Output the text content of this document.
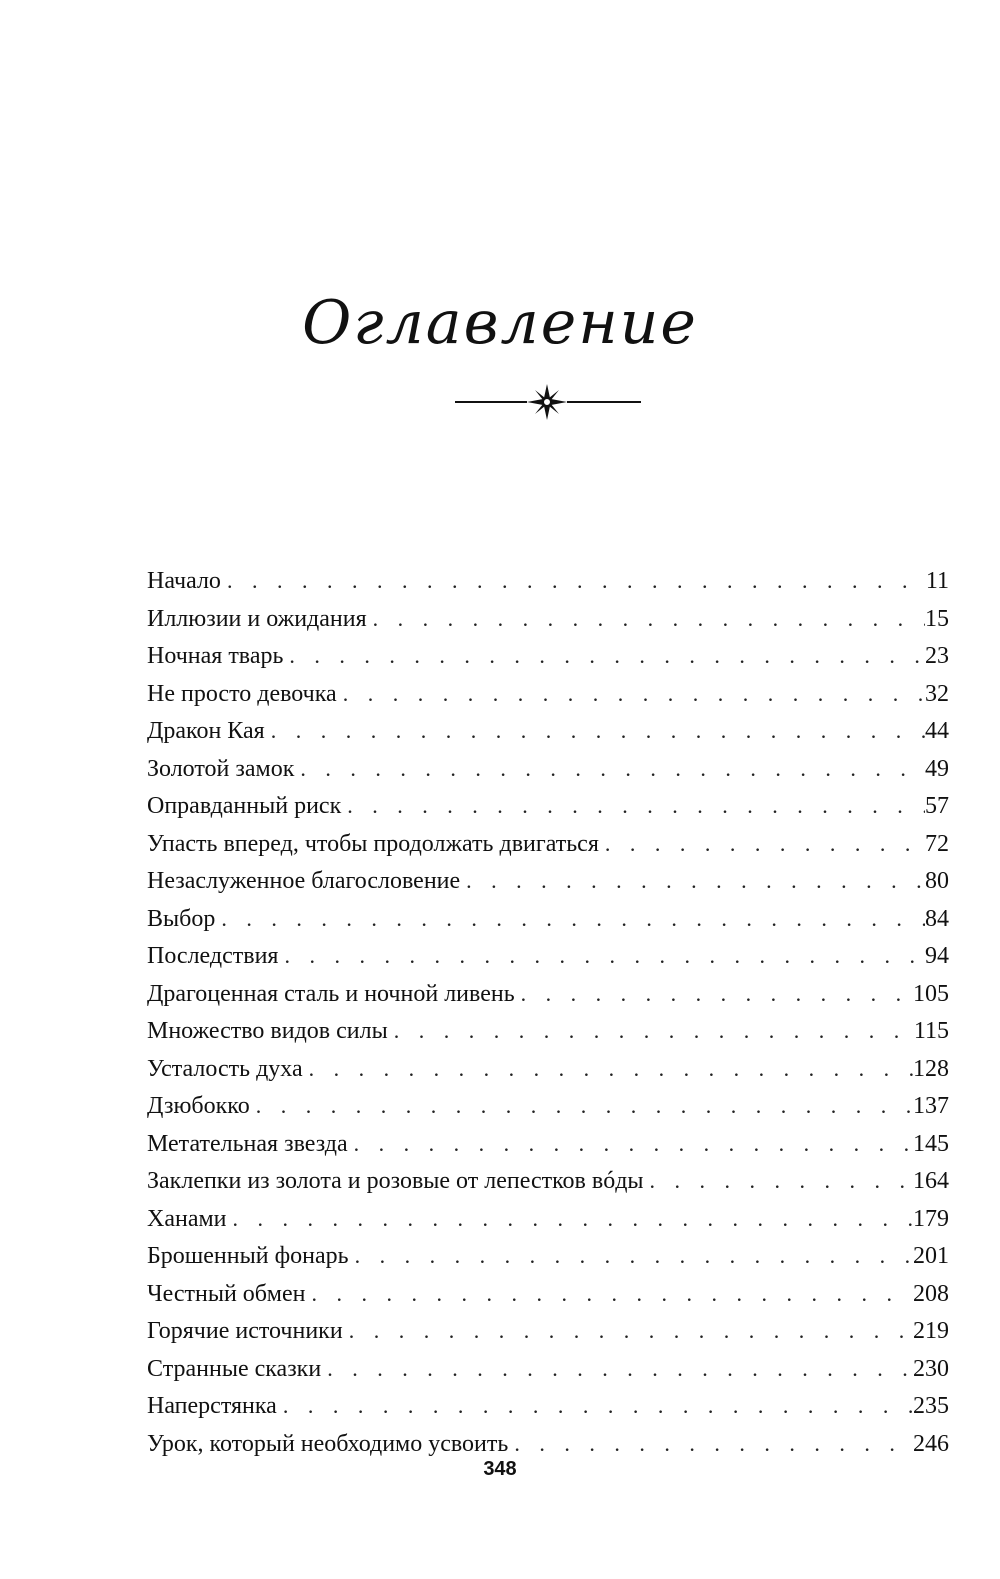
Оглавление
Начало . . .	11
Иллюзии и ожидания . . .	15
Ночная тварь . . .	23
Не просто девочка . . .	32
Дракон Кая . . .	44
Золотой замок . . .	49
Оправданный риск . . .	57
Упасть вперед, чтобы продолжать двигаться . . .	72
Незаслуженное благословение . . .	80
Выбор . . .	84
Последствия . . .	94
Драгоценная сталь и ночной ливень . . .	105
Множество видов силы . . .	115
Усталость духа . . .	128
Дзюбокко . . .	137
Метательная звезда . . .	145
Заклепки из золота и розовые от лепестков вóды . . .	164
Ханами . . .	179
Брошенный фонарь . . .	201
Честный обмен . . .	208
Горячие источники . . .	219
Странные сказки . . .	230
Наперстянка . . .	235
Урок, который необходимо усвоить . . .	246
348
